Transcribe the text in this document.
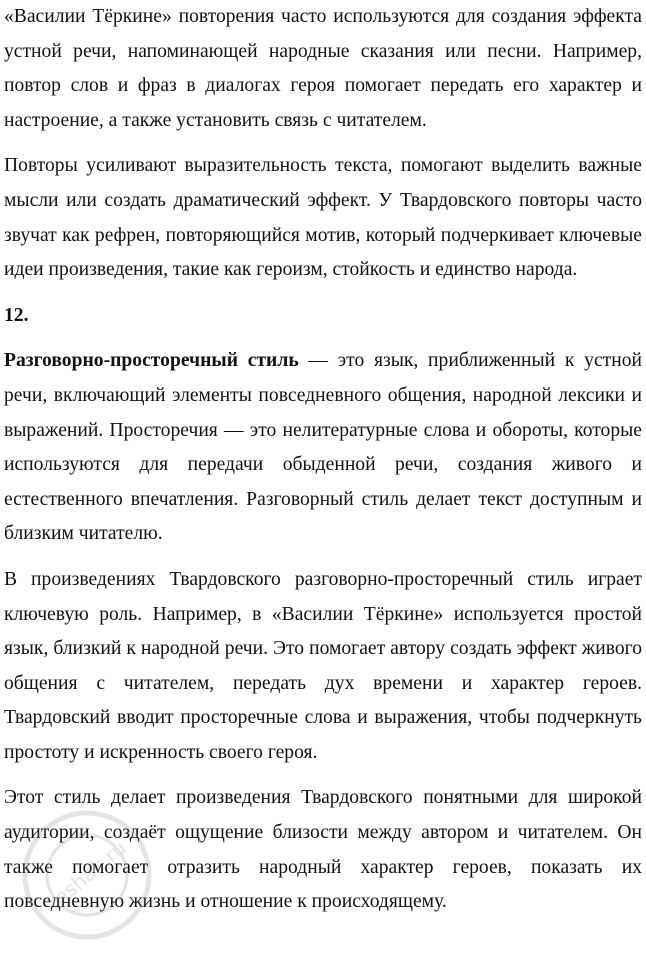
«Василии Тёркине» повторения часто используются для создания эффекта устной речи, напоминающей народные сказания или песни. Например, повтор слов и фраз в диалогах героя помогает передать его характер и настроение, а также установить связь с читателем.

Повторы усиливают выразительность текста, помогают выделить важные мысли или создать драматический эффект. У Твардовского повторы часто звучат как рефрен, повторяющийся мотив, который подчеркивает ключевые идеи произведения, такие как героизм, стойкость и единство народа.

12.

Разговорно-просторечный стиль — это язык, приближенный к устной речи, включающий элементы повседневного общения, народной лексики и выражений. Просторечия — это нелитературные слова и обороты, которые используются для передачи обыденной речи, создания живого и естественного впечатления. Разговорный стиль делает текст доступным и близким читателю.

В произведениях Твардовского разговорно-просторечный стиль играет ключевую роль. Например, в «Василии Тёркине» используется простой язык, близкий к народной речи. Это помогает автору создать эффект живого общения с читателем, передать дух времени и характер героев. Твардовский вводит просторечные слова и выражения, чтобы подчеркнуть простоту и искренность своего героя.

Этот стиль делает произведения Твардовского понятными для широкой аудитории, создаёт ощущение близости между автором и читателем. Он также помогает отразить народный характер героев, показать их повседневную жизнь и отношение к происходящему.

reshak.ru
